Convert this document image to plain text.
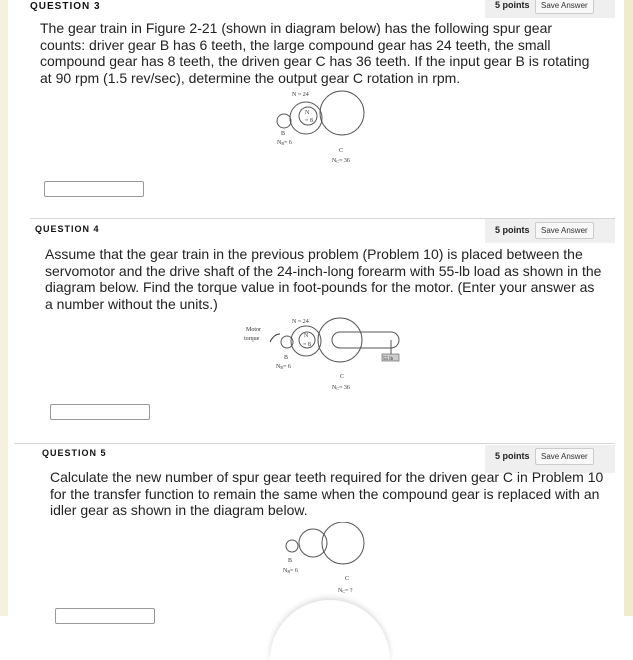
QUESTION 3	5 points	Save Answer
The gear train in Figure 2-21 (shown in diagram below) has the following spur gear counts: driver gear B has 6 teeth, the large compound gear has 24 teeth, the small compound gear has 8 teeth, the driven gear C has 36 teeth. If the input gear B is rotating at 90 rpm (1.5 rev/sec), determine the output gear C rotation in rpm.
N = 24
N
= 8
B
NB= 6
C
NC= 36
QUESTION 4	5 points	Save Answer
Assume that the gear train in the previous problem (Problem 10) is placed between the servomotor and the drive shaft of the 24-inch-long forearm with 55-lb load as shown in the diagram below. Find the torque value in foot-pounds for the motor. (Enter your answer as a number without the units.)
Motor
torque
55 lb
N = 24
N
= 8
B
NB= 6
C
NC= 36
QUESTION 5	5 points	Save Answer
Calculate the new number of spur gear teeth required for the driven gear C in Problem 10 for the transfer function to remain the same when the compound gear is replaced with an idler gear as shown in the diagram below.
B
NB= 6
C
NC= ?
